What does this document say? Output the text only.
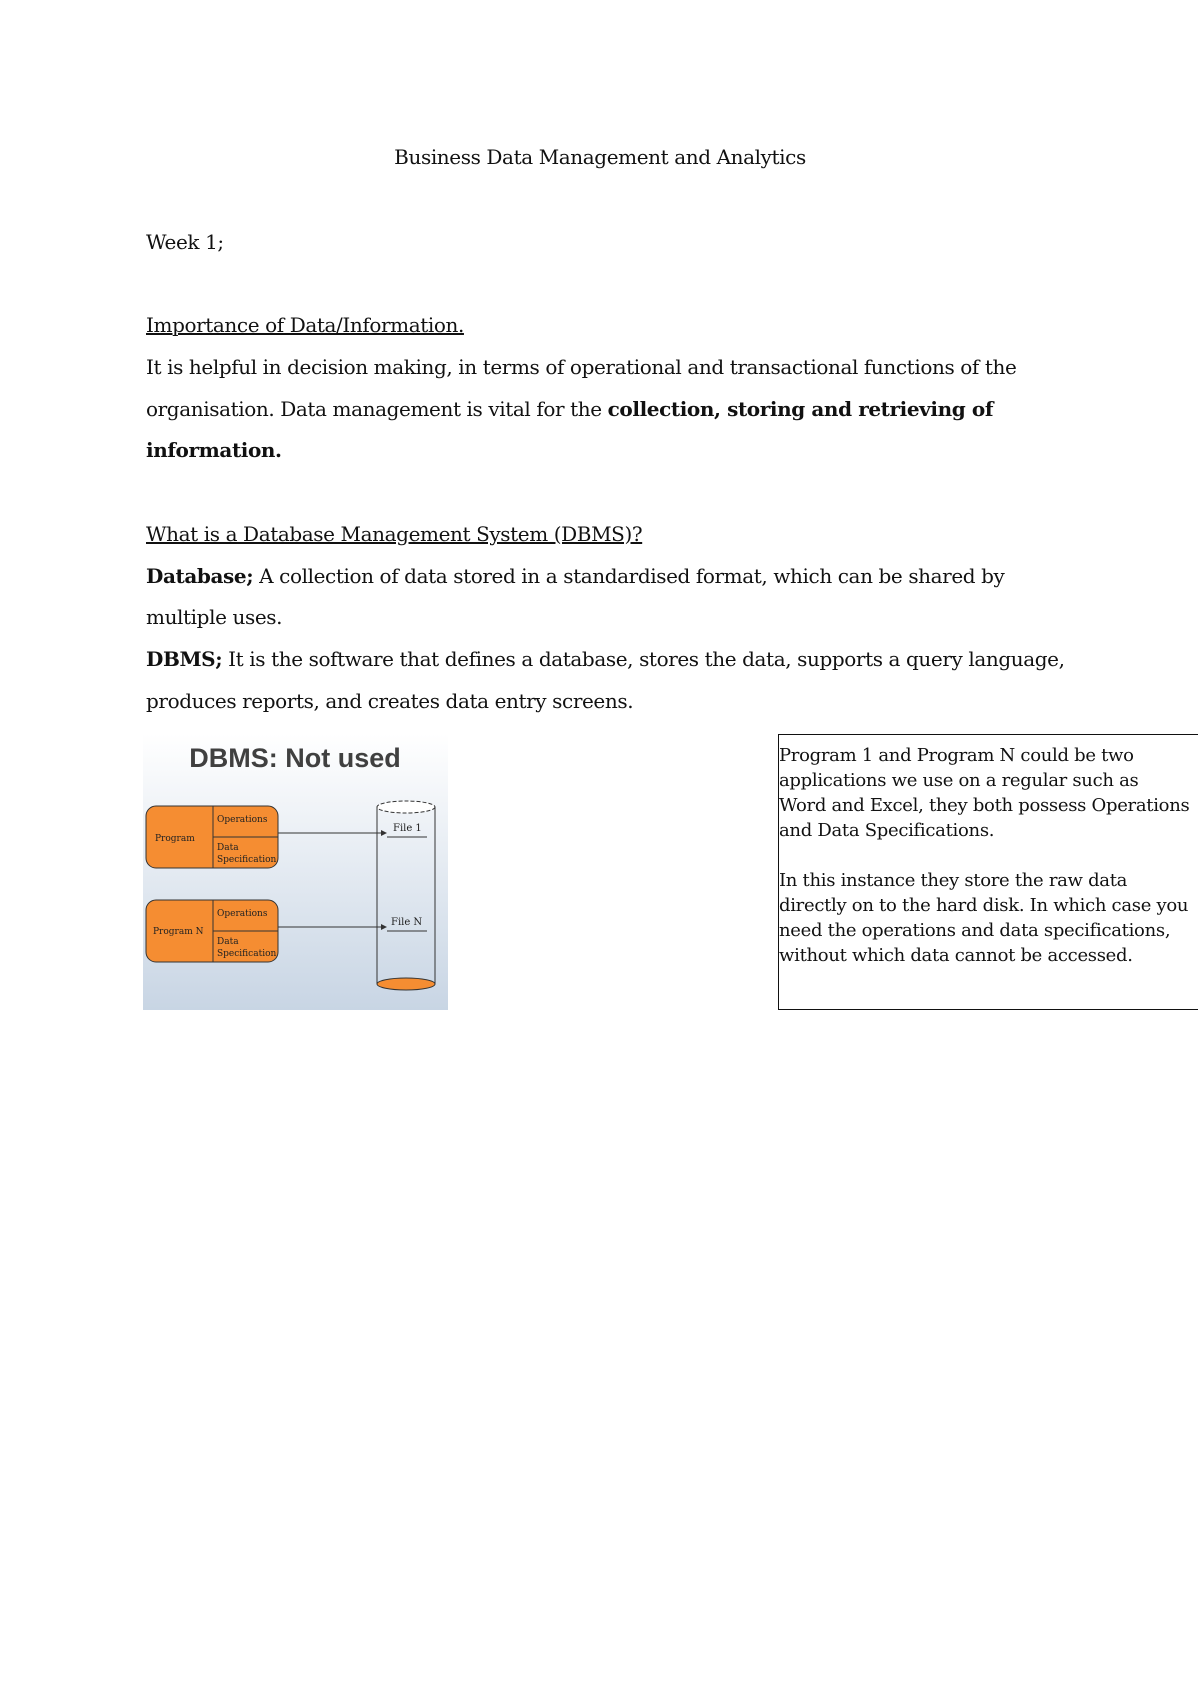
Business Data Management and Analytics
Week 1;
Importance of Data/Information.
It is helpful in decision making, in terms of operational and transactional functions of the
organisation. Data management is vital for the collection, storing and retrieving of
information.
What is a Database Management System (DBMS)?
Database; A collection of data stored in a standardised format, which can be shared by
multiple uses.
DBMS; It is the software that defines a database, stores the data, supports a query language,
produces reports, and creates data entry screens.
DBMS: Not used
Program
Operations
Data
Specification
Program N
Operations
Data
Specification
File 1
File N

Program 1 and Program N could be two applications we use on a regular such as Word and Excel, they both possess Operations and Data Specifications.

In this instance they store the raw data directly on to the hard disk. In which case you need the operations and data specifications, without which data cannot be accessed.
